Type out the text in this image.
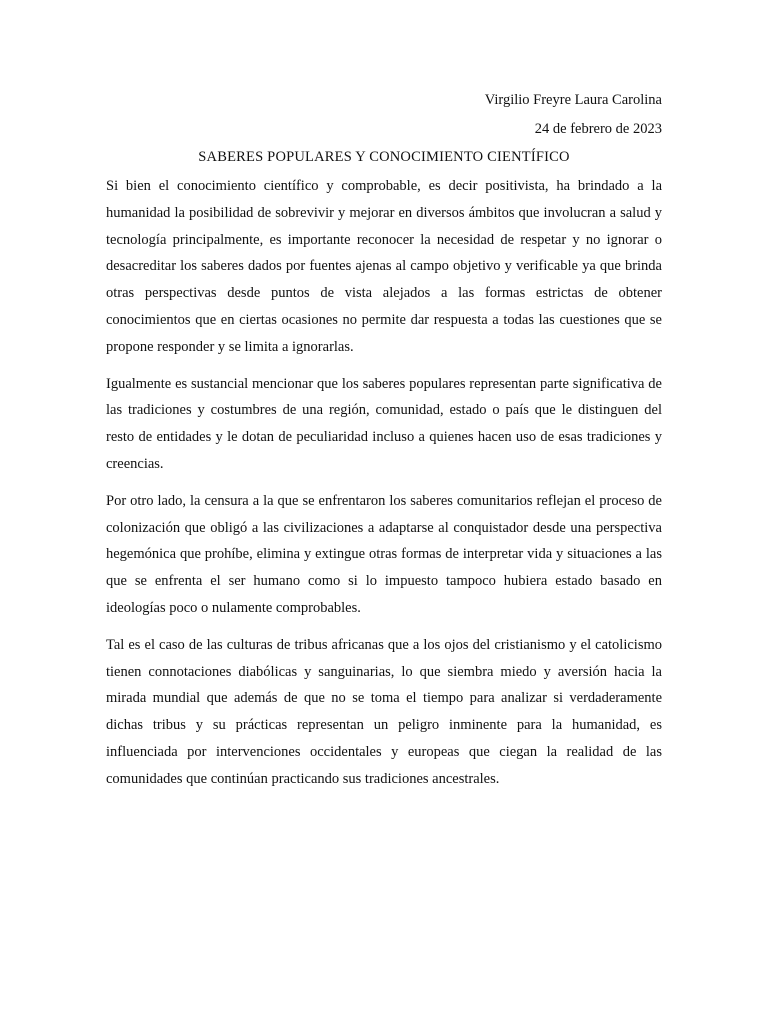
Virgilio Freyre Laura Carolina
24 de febrero de 2023
SABERES POPULARES Y CONOCIMIENTO CIENTÍFICO

Si bien el conocimiento científico y comprobable, es decir positivista, ha brindado a la humanidad la posibilidad de sobrevivir y mejorar en diversos ámbitos que involucran a salud y tecnología principalmente, es importante reconocer la necesidad de respetar y no ignorar o desacreditar los saberes dados por fuentes ajenas al campo objetivo y verificable ya que brinda otras perspectivas desde puntos de vista alejados a las formas estrictas de obtener conocimientos que en ciertas ocasiones no permite dar respuesta a todas las cuestiones que se propone responder y se limita a ignorarlas.

Igualmente es sustancial mencionar que los saberes populares representan parte significativa de las tradiciones y costumbres de una región, comunidad, estado o país que le distinguen del resto de entidades y le dotan de peculiaridad incluso a quienes hacen uso de esas tradiciones y creencias.

Por otro lado, la censura a la que se enfrentaron los saberes comunitarios reflejan el proceso de colonización que obligó a las civilizaciones a adaptarse al conquistador desde una perspectiva hegemónica que prohíbe, elimina y extingue otras formas de interpretar vida y situaciones a las que se enfrenta el ser humano como si lo impuesto tampoco hubiera estado basado en ideologías poco o nulamente comprobables.

Tal es el caso de las culturas de tribus africanas que a los ojos del cristianismo y el catolicismo tienen connotaciones diabólicas y sanguinarias, lo que siembra miedo y aversión hacia la mirada mundial que además de que no se toma el tiempo para analizar si verdaderamente dichas tribus y su prácticas representan un peligro inminente para la humanidad, es influenciada por intervenciones occidentales y europeas que ciegan la realidad de las comunidades que continúan practicando sus tradiciones ancestrales.
